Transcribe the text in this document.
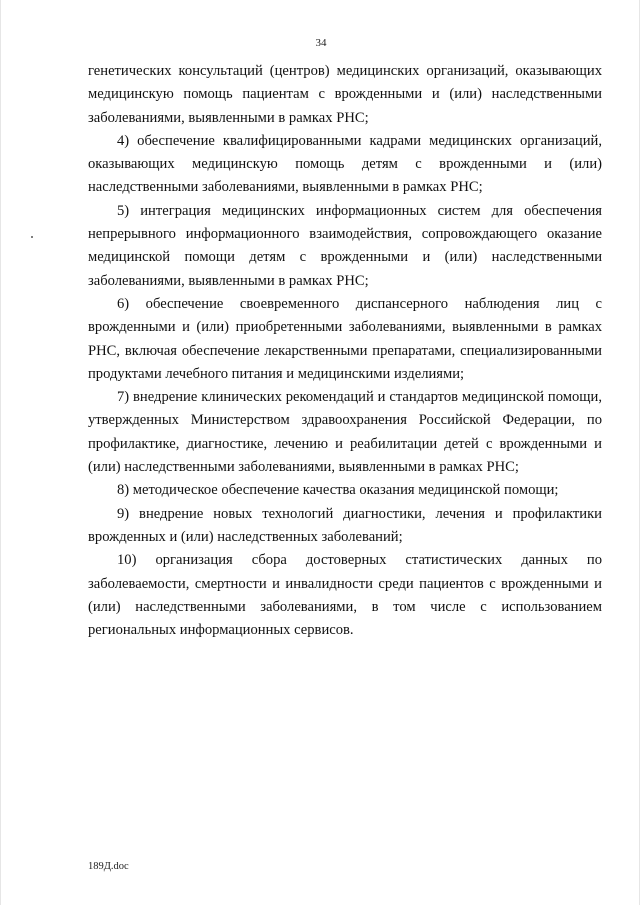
34

генетических консультаций (центров) медицинских организаций, оказывающих медицинскую помощь пациентам с врожденными и (или) наследственными заболеваниями, выявленными в рамках РНС;

4) обеспечение квалифицированными кадрами медицинских организаций, оказывающих медицинскую помощь детям с врожденными и (или) наследственными заболеваниями, выявленными в рамках РНС;

5) интеграция медицинских информационных систем для обеспечения непрерывного информационного взаимодействия, сопровождающего оказание медицинской помощи детям с врожденными и (или) наследственными заболеваниями, выявленными в рамках РНС;

6) обеспечение своевременного диспансерного наблюдения лиц с врожденными и (или) приобретенными заболеваниями, выявленными в рамках РНС, включая обеспечение лекарственными препаратами, специализированными продуктами лечебного питания и медицинскими изделиями;

7) внедрение клинических рекомендаций и стандартов медицинской помощи, утвержденных Министерством здравоохранения Российской Федерации, по профилактике, диагностике, лечению и реабилитации детей с врожденными и (или) наследственными заболеваниями, выявленными в рамках РНС;

8) методическое обеспечение качества оказания медицинской помощи;

9) внедрение новых технологий диагностики, лечения и профилактики врожденных и (или) наследственных заболеваний;

10) организация сбора достоверных статистических данных по заболеваемости, смертности и инвалидности среди пациентов с врожденными и (или) наследственными заболеваниями, в том числе с использованием региональных информационных сервисов.

189Д.doc
